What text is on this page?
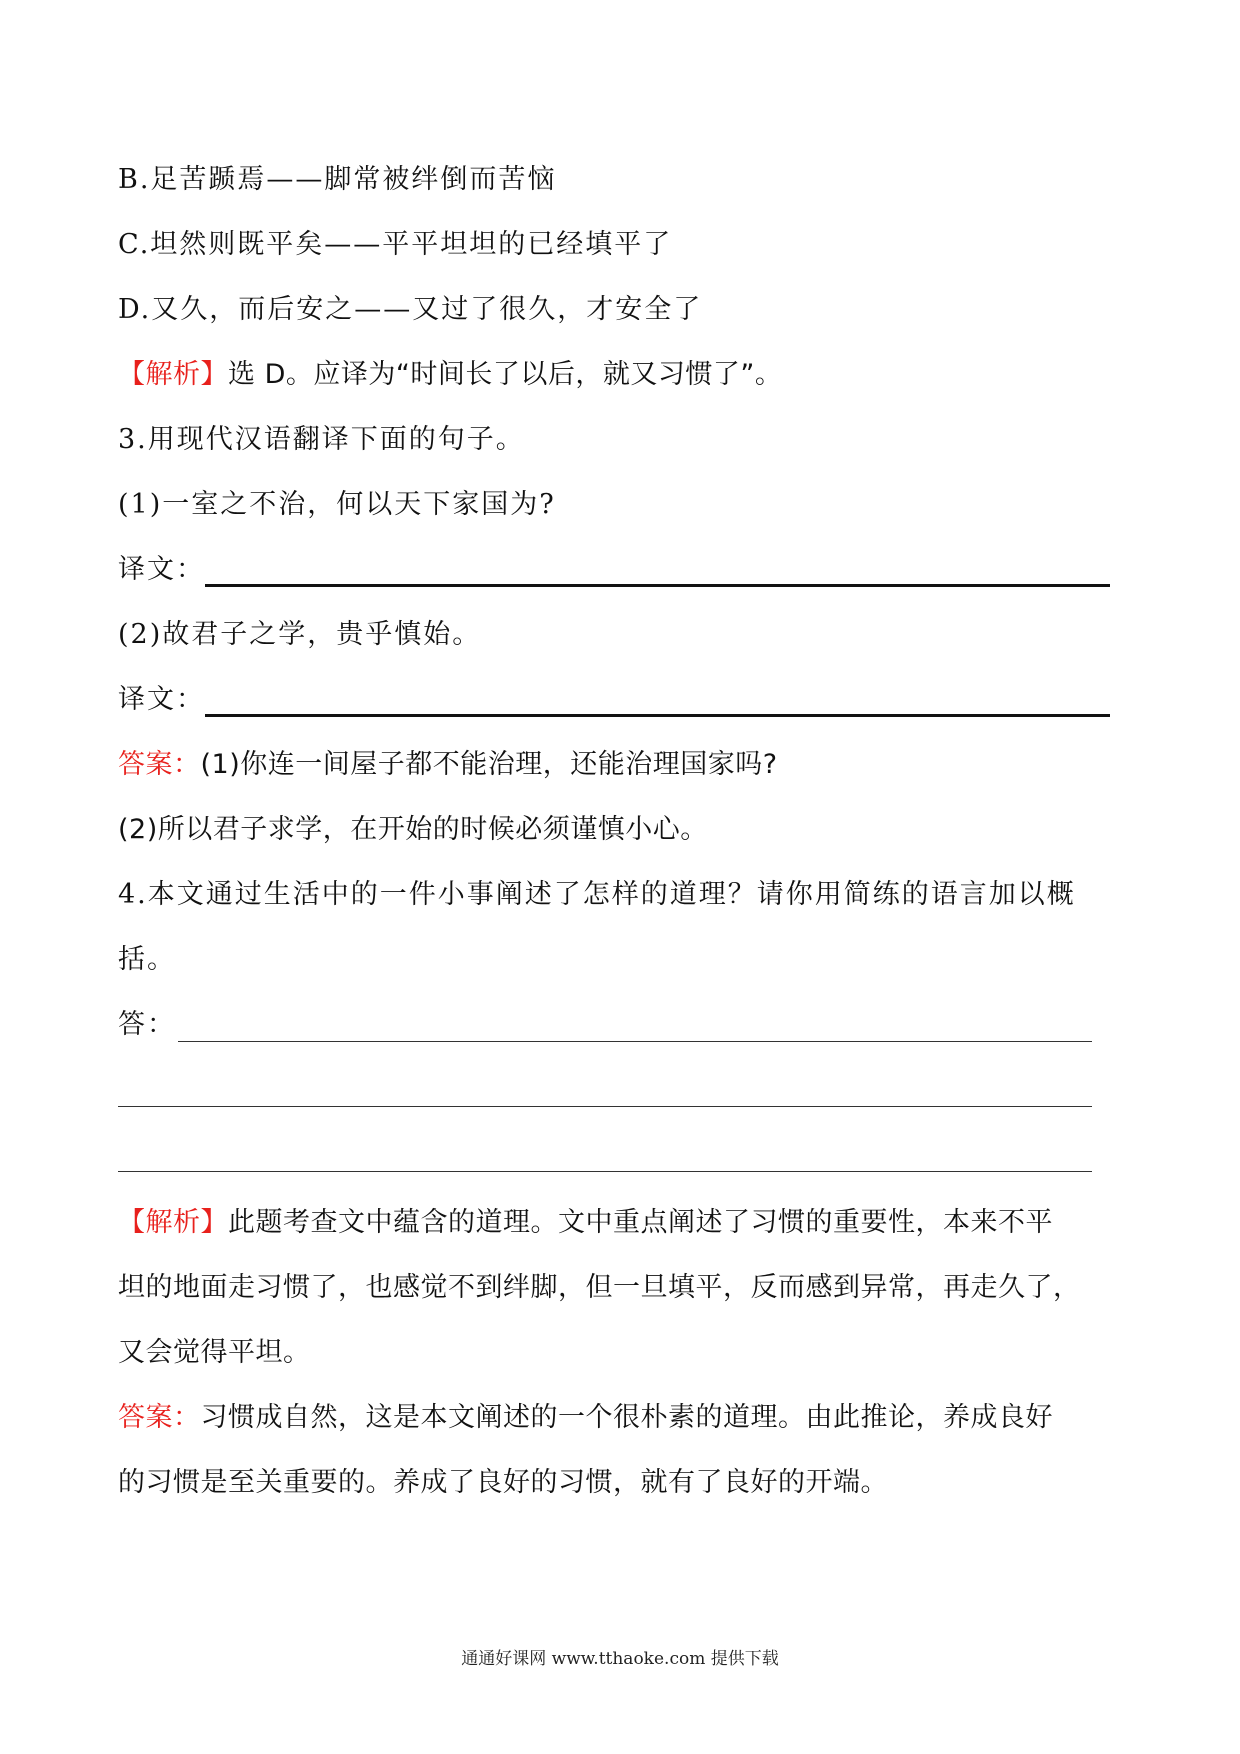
B.足苦踬焉——脚常被绊倒而苦恼
C.坦然则既平矣——平平坦坦的已经填平了
D.又久，而后安之——又过了很久，才安全了
【解析】选 D。应译为“时间长了以后，就又习惯了”。
3.用现代汉语翻译下面的句子。
(1)一室之不治，何以天下家国为?
译文：
(2)故君子之学，贵乎慎始。
译文：
答案：(1)你连一间屋子都不能治理，还能治理国家吗?
(2)所以君子求学，在开始的时候必须谨慎小心。
4.本文通过生活中的一件小事阐述了怎样的道理？请你用简练的语言加以概
括。
答：
【解析】此题考查文中蕴含的道理。文中重点阐述了习惯的重要性，本来不平
坦的地面走习惯了，也感觉不到绊脚，但一旦填平，反而感到异常，再走久了，
又会觉得平坦。
答案：习惯成自然，这是本文阐述的一个很朴素的道理。由此推论，养成良好
的习惯是至关重要的。养成了良好的习惯，就有了良好的开端。
通通好课网 www.tthaoke.com 提供下载
